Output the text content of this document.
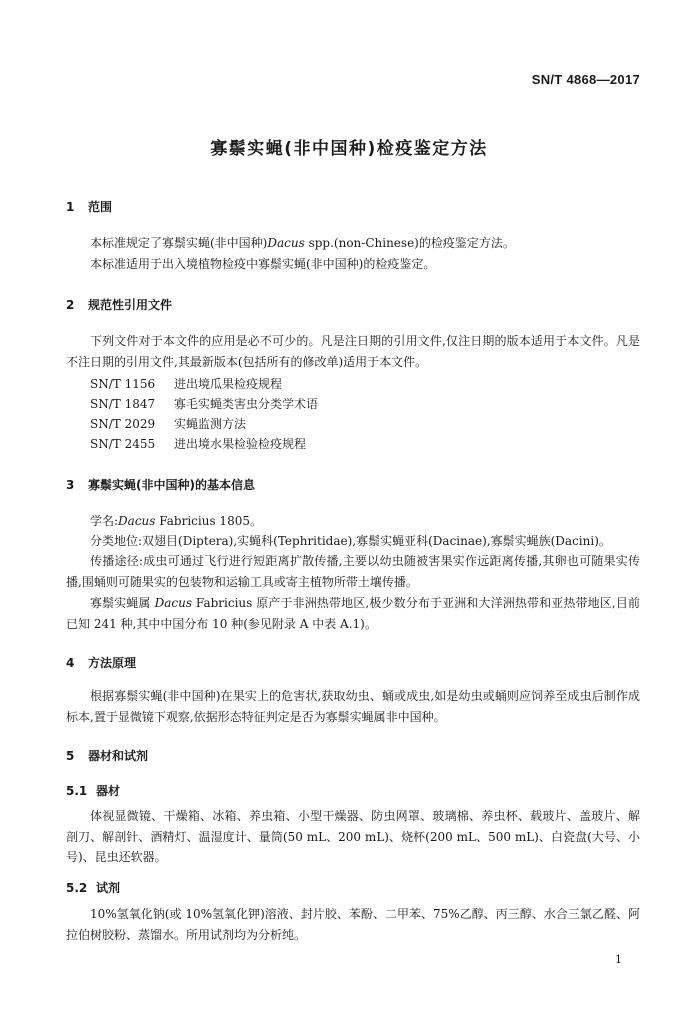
SN/T 4868—2017
寡鬃实蝇(非中国种)检疫鉴定方法
1 范围
本标准规定了寡鬃实蝇(非中国种)Dacus spp.(non-Chinese)的检疫鉴定方法。
本标准适用于出入境植物检疫中寡鬃实蝇(非中国种)的检疫鉴定。
2 规范性引用文件
下列文件对于本文件的应用是必不可少的。凡是注日期的引用文件,仅注日期的版本适用于本文件。凡是不注日期的引用文件,其最新版本(包括所有的修改单)适用于本文件。
SN/T 1156 进出境瓜果检疫规程
SN/T 1847 寡毛实蝇类害虫分类学术语
SN/T 2029 实蝇监测方法
SN/T 2455 进出境水果检验检疫规程
3 寡鬃实蝇(非中国种)的基本信息
学名:Dacus Fabricius 1805。
分类地位:双翅目(Diptera),实蝇科(Tephritidae),寡鬃实蝇亚科(Dacinae),寡鬃实蝇族(Dacini)。
传播途径:成虫可通过飞行进行短距离扩散传播,主要以幼虫随被害果实作远距离传播,其卵也可随果实传播,围蛹则可随果实的包装物和运输工具或寄主植物所带土壤传播。
寡鬃实蝇属 Dacus Fabricius 原产于非洲热带地区,极少数分布于亚洲和大洋洲热带和亚热带地区,目前已知 241 种,其中中国分布 10 种(参见附录 A 中表 A.1)。
4 方法原理
根据寡鬃实蝇(非中国种)在果实上的危害状,获取幼虫、蛹或成虫,如是幼虫或蛹则应饲养至成虫后制作成标本,置于显微镜下观察,依据形态特征判定是否为寡鬃实蝇属非中国种。
5 器材和试剂
5.1 器材
体视显微镜、干燥箱、冰箱、养虫箱、小型干燥器、防虫网罩、玻璃棉、养虫杯、载玻片、盖玻片、解剖刀、解剖针、酒精灯、温湿度计、量筒(50 mL、200 mL)、烧杯(200 mL、500 mL)、白瓷盘(大号、小号)、昆虫还软器。
5.2 试剂
10%氢氧化钠(或 10%氢氧化钾)溶液、封片胶、苯酚、二甲苯、75%乙醇、丙三醇、水合三氯乙醛、阿拉伯树胶粉、蒸馏水。所用试剂均为分析纯。
1
